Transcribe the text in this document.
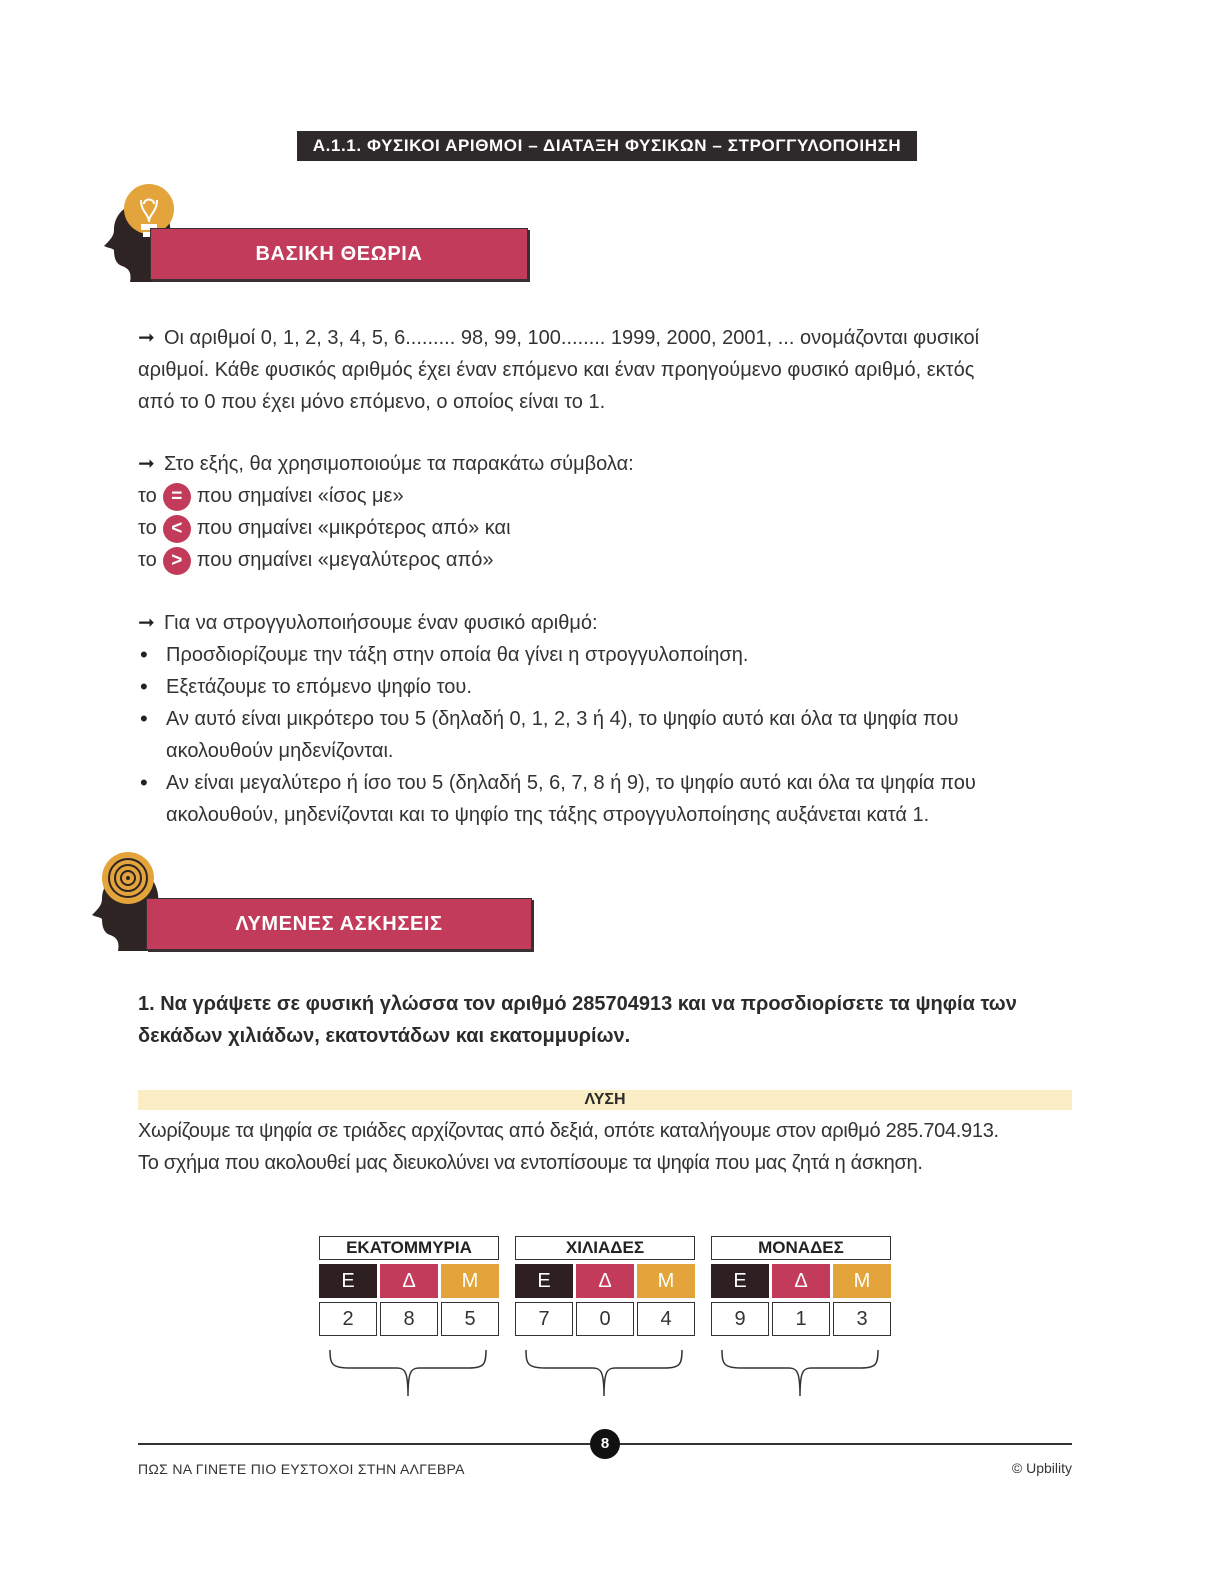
Α.1.1. ΦΥΣΙΚΟΙ ΑΡΙΘΜΟΙ – ΔΙΑΤΑΞΗ ΦΥΣΙΚΩΝ – ΣΤΡΟΓΓΥΛΟΠΟΙΗΣΗ
ΒΑΣΙΚΗ ΘΕΩΡΙΑ
➞ Οι αριθμοί 0, 1, 2, 3, 4, 5, 6......... 98, 99, 100........ 1999, 2000, 2001, ... ονομάζονται φυσικοί
αριθμοί. Κάθε φυσικός αριθμός έχει έναν επόμενο και έναν προηγούμενο φυσικό αριθμό, εκτός
από το 0 που έχει μόνο επόμενο, ο οποίος είναι το 1.
➞ Στο εξής, θα χρησιμοποιούμε τα παρακάτω σύμβολα:
το = που σημαίνει «ίσος με»
το < που σημαίνει «μικρότερος από» και
το > που σημαίνει «μεγαλύτερος από»
➞ Για να στρογγυλοποιήσουμε έναν φυσικό αριθμό:
• Προσδιορίζουμε την τάξη στην οποία θα γίνει η στρογγυλοποίηση.
• Εξετάζουμε το επόμενο ψηφίο του.
• Αν αυτό είναι μικρότερο του 5 (δηλαδή 0, 1, 2, 3 ή 4), το ψηφίο αυτό και όλα τα ψηφία που ακολουθούν μηδενίζονται.
• Αν είναι μεγαλύτερο ή ίσο του 5 (δηλαδή 5, 6, 7, 8 ή 9), το ψηφίο αυτό και όλα τα ψηφία που ακολουθούν, μηδενίζονται και το ψηφίο της τάξης στρογγυλοποίησης αυξάνεται κατά 1.
ΛΥΜΕΝΕΣ ΑΣΚΗΣΕΙΣ
1. Να γράψετε σε φυσική γλώσσα τον αριθμό 285704913 και να προσδιορίσετε τα ψηφία των δεκάδων χιλιάδων, εκατοντάδων και εκατομμυρίων.
ΛΥΣΗ
Χωρίζουμε τα ψηφία σε τριάδες αρχίζοντας από δεξιά, οπότε καταλήγουμε στον αριθμό 285.704.913.
Το σχήμα που ακολουθεί μας διευκολύνει να εντοπίσουμε τα ψηφία που μας ζητά η άσκηση.
ΕΚΑΤΟΜΜΥΡΙΑ
Ε	Δ	Μ
2	8	5
ΧΙΛΙΑΔΕΣ
Ε	Δ	Μ
7	0	4
ΜΟΝΑΔΕΣ
Ε	Δ	Μ
9	1	3
8
ΠΩΣ ΝΑ ΓΙΝΕΤΕ ΠΙΟ ΕΥΣΤΟΧΟΙ ΣΤΗΝ ΑΛΓΕΒΡΑ	© Upbility
